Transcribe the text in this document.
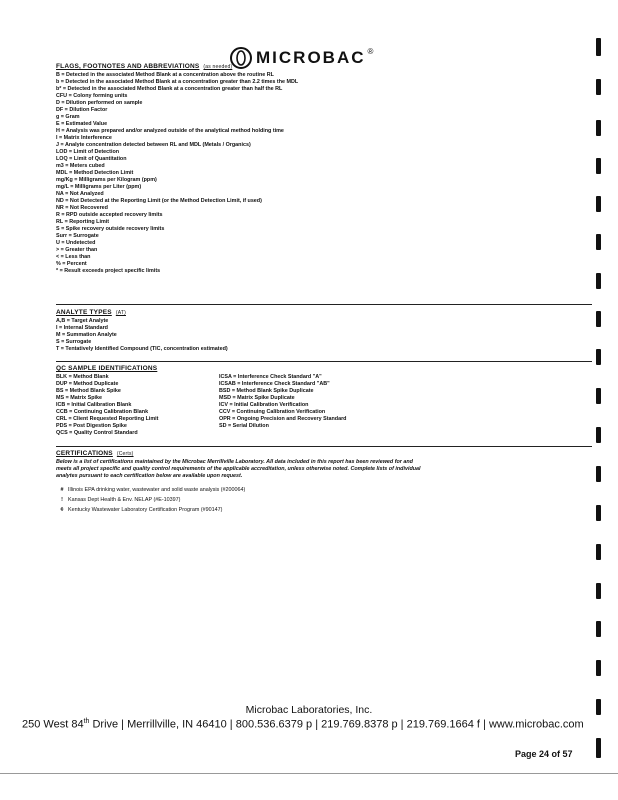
MICROBAC ®
FLAGS, FOOTNOTES AND ABBREVIATIONS (as needed)
B = Detected in the associated Method Blank at a concentration above the routine RL
b = Detected in the associated Method Blank at a concentration greater than 2.2 times the MDL
b* = Detected in the associated Method Blank at a concentration greater than half the RL
CFU = Colony forming units
D = Dilution performed on sample
DF = Dilution Factor
g = Gram
E = Estimated Value
H = Analysis was prepared and/or analyzed outside of the analytical method holding time
I = Matrix Interference
J = Analyte concentration detected between RL and MDL (Metals / Organics)
LOD = Limit of Detection
LOQ = Limit of Quantitation
m3 = Meters cubed
MDL = Method Detection Limit
mg/Kg = Milligrams per Kilogram (ppm)
mg/L = Milligrams per Liter (ppm)
NA = Not Analyzed
ND = Not Detected at the Reporting Limit (or the Method Detection Limit, if used)
NR = Not Recovered
R = RPD outside accepted recovery limits
RL = Reporting Limit
S = Spike recovery outside recovery limits
Surr = Surrogate
U = Undetected
> = Greater than
< = Less than
% = Percent
* = Result exceeds project specific limits
ANALYTE TYPES (AT)
A,B = Target Analyte
I = Internal Standard
M = Summation Analyte
S = Surrogate
T = Tentatively Identified Compound (TIC, concentration estimated)
QC SAMPLE IDENTIFICATIONS
BLK = Method Blank
DUP = Method Duplicate
BS = Method Blank Spike
MS = Matrix Spike
ICB = Initial Calibration Blank
CCB = Continuing Calibration Blank
CRL = Client Requested Reporting Limit
PDS = Post Digestion Spike
QCS = Quality Control Standard
ICSA = Interference Check Standard "A"
ICSAB = Interference Check Standard "AB"
BSD = Method Blank Spike Duplicate
MSD = Matrix Spike Duplicate
ICV = Initial Calibration Verification
CCV = Continuing Calibration Verification
OPR = Ongoing Precision and Recovery Standard
SD = Serial Dilution
CERTIFICATIONS (Certs)
Below is a list of certifications maintained by the Microbac Merrillville Laboratory. All data included in this report has been reviewed for and
meets all project specific and quality control requirements of the applicable accreditation, unless otherwise noted. Complete lists of individual
analytes pursuant to each certification below are available upon request.
# Illinois EPA drinking water, wastewater and solid waste analysis (#200064)
! Kansas Dept Health & Env. NELAP (#E-10397)
¢ Kentucky Wastewater Laboratory Certification Program (#90147)
Microbac Laboratories, Inc.
250 West 84th Drive | Merrillville, IN 46410 | 800.536.6379 p | 219.769.8378 p | 219.769.1664 f | www.microbac.com
Page 24 of 57
